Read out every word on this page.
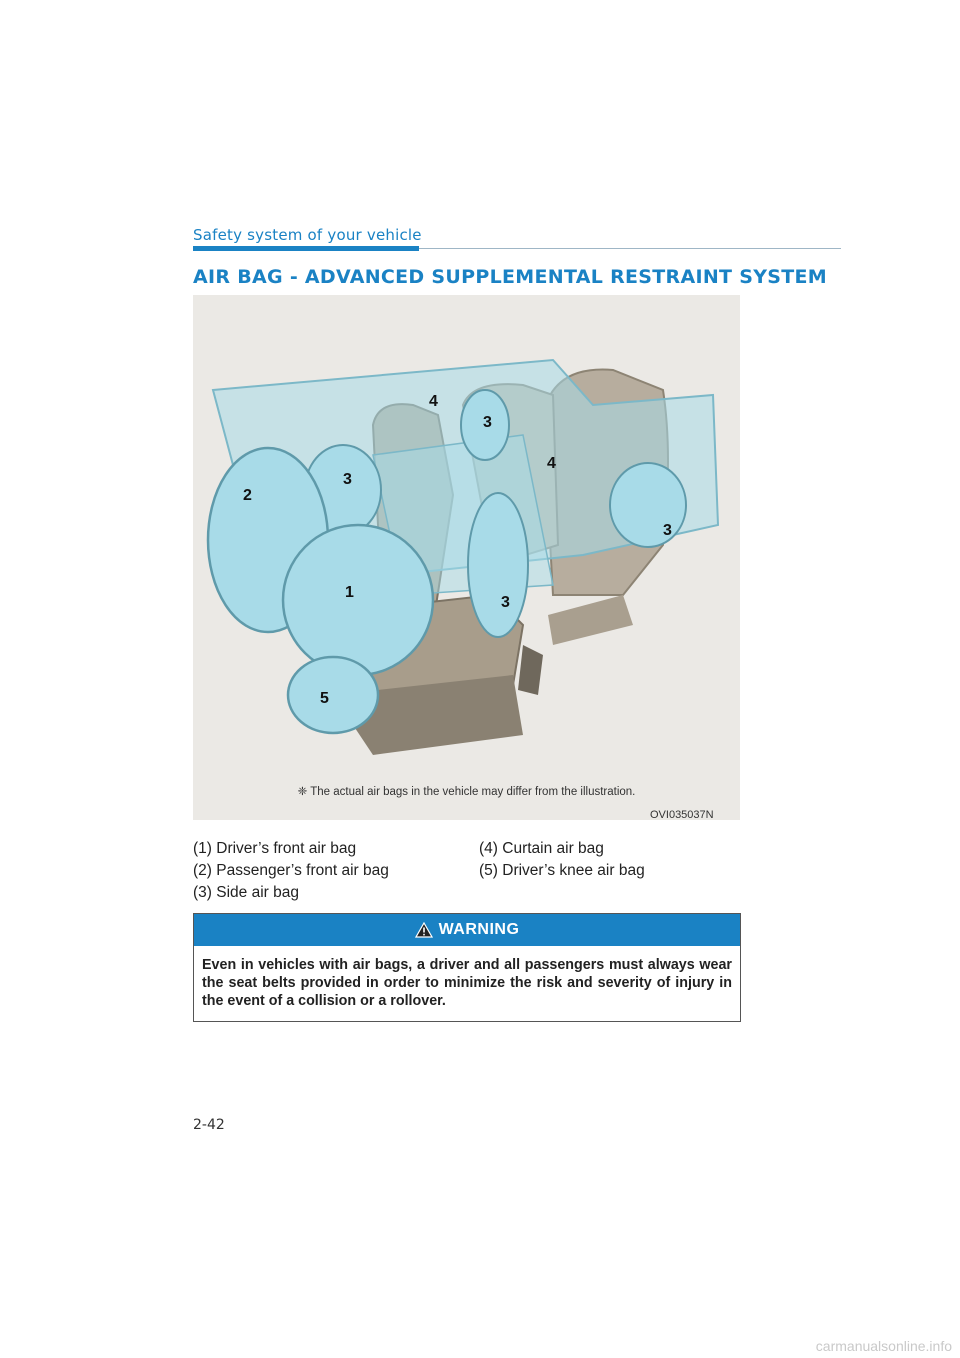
Safety system of your vehicle
AIR BAG - ADVANCED SUPPLEMENTAL RESTRAINT SYSTEM
4
3
3
4
2
3
1
3
5
❈ The actual air bags in the vehicle may differ from the illustration.
OVI035037N
(1) Driver’s front air bag
(2) Passenger’s front air bag
(3) Side air bag
(4) Curtain air bag
(5) Driver’s knee air bag
WARNING
Even in vehicles with air bags, a driver and all passengers must always wear the seat belts provided in order to minimize the risk and severity of injury in the event of a collision or a rollover.
2-42
carmanualsonline.info
